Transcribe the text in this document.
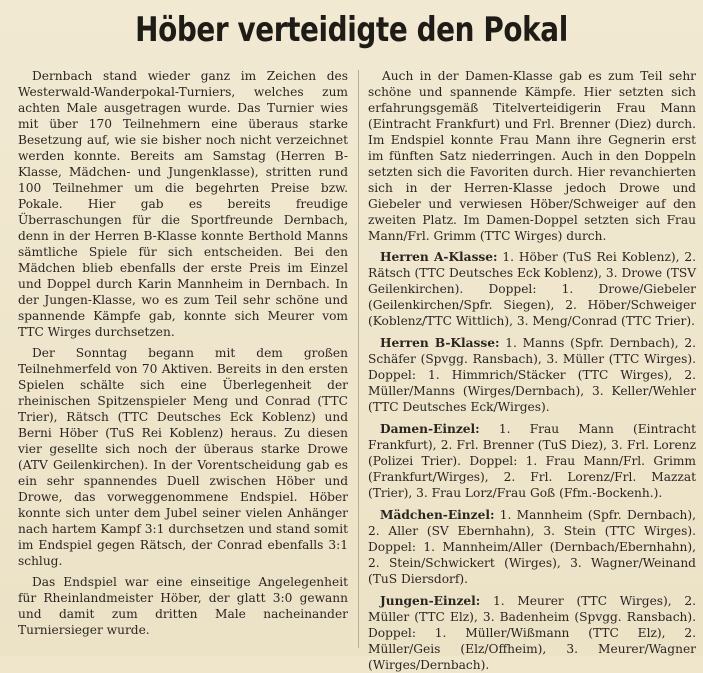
Höber verteidigte den Pokal

Dernbach stand wieder ganz im Zeichen des Westerwald-Wanderpokal-Turniers, welches zum achten Male ausgetragen wurde. Das Turnier wies mit über 170 Teilnehmern eine überaus starke Besetzung auf, wie sie bisher noch nicht verzeichnet werden konnte. Bereits am Samstag (Herren B-Klasse, Mädchen- und Jungenklasse), stritten rund 100 Teilnehmer um die begehrten Preise bzw. Pokale. Hier gab es bereits freudige Überraschungen für die Sportfreunde Dernbach, denn in der Herren B-Klasse konnte Berthold Manns sämtliche Spiele für sich entscheiden. Bei den Mädchen blieb ebenfalls der erste Preis im Einzel und Doppel durch Karin Mannheim in Dernbach. In der Jungen-Klasse, wo es zum Teil sehr schöne und spannende Kämpfe gab, konnte sich Meurer vom TTC Wirges durchsetzen.

Der Sonntag begann mit dem großen Teilnehmerfeld von 70 Aktiven. Bereits in den ersten Spielen schälte sich eine Überlegenheit der rheinischen Spitzenspieler Meng und Conrad (TTC Trier), Rätsch (TTC Deutsches Eck Koblenz) und Berni Höber (TuS Rei Koblenz) heraus. Zu diesen vier gesellte sich noch der überaus starke Drowe (ATV Geilenkirchen). In der Vorentscheidung gab es ein sehr spannendes Duell zwischen Höber und Drowe, das vorweggenommene Endspiel. Höber konnte sich unter dem Jubel seiner vielen Anhänger nach hartem Kampf 3:1 durchsetzen und stand somit im Endspiel gegen Rätsch, der Conrad ebenfalls 3:1 schlug.

Das Endspiel war eine einseitige Angelegenheit für Rheinlandmeister Höber, der glatt 3:0 gewann und damit zum dritten Male nacheinander Turniersieger wurde.

Auch in der Damen-Klasse gab es zum Teil sehr schöne und spannende Kämpfe. Hier setzten sich erfahrungsgemäß Titelverteidigerin Frau Mann (Eintracht Frankfurt) und Frl. Brenner (Diez) durch. Im Endspiel konnte Frau Mann ihre Gegnerin erst im fünften Satz niederringen. Auch in den Doppeln setzten sich die Favoriten durch. Hier revanchierten sich in der Herren-Klasse jedoch Drowe und Giebeler und verwiesen Höber/Schweiger auf den zweiten Platz. Im Damen-Doppel setzten sich Frau Mann/Frl. Grimm (TTC Wirges) durch.

Herren A-Klasse: 1. Höber (TuS Rei Koblenz), 2. Rätsch (TTC Deutsches Eck Koblenz), 3. Drowe (TSV Geilenkirchen). Doppel: 1. Drowe/Giebeler (Geilenkirchen/Spfr. Siegen), 2. Höber/Schweiger (Koblenz/TTC Wittlich), 3. Meng/Conrad (TTC Trier).
Herren B-Klasse: 1. Manns (Spfr. Dernbach), 2. Schäfer (Spvgg. Ransbach), 3. Müller (TTC Wirges). Doppel: 1. Himmrich/Stäcker (TTC Wirges), 2. Müller/Manns (Wirges/Dernbach), 3. Keller/Wehler (TTC Deutsches Eck/Wirges).
Damen-Einzel: 1. Frau Mann (Eintracht Frankfurt), 2. Frl. Brenner (TuS Diez), 3. Frl. Lorenz (Polizei Trier). Doppel: 1. Frau Mann/Frl. Grimm (Frankfurt/Wirges), 2. Frl. Lorenz/Frl. Mazzat (Trier), 3. Frau Lorz/Frau Goß (Ffm.-Bockenh.).
Mädchen-Einzel: 1. Mannheim (Spfr. Dernbach), 2. Aller (SV Ebernhahn), 3. Stein (TTC Wirges). Doppel: 1. Mannheim/Aller (Dernbach/Ebernhahn), 2. Stein/Schwickert (Wirges), 3. Wagner/Weinand (TuS Diersdorf).
Jungen-Einzel: 1. Meurer (TTC Wirges), 2. Müller (TTC Elz), 3. Badenheim (Spvgg. Ransbach). Doppel: 1. Müller/Wißmann (TTC Elz), 2. Müller/Geis (Elz/Offheim), 3. Meurer/Wagner (Wirges/Dernbach).
